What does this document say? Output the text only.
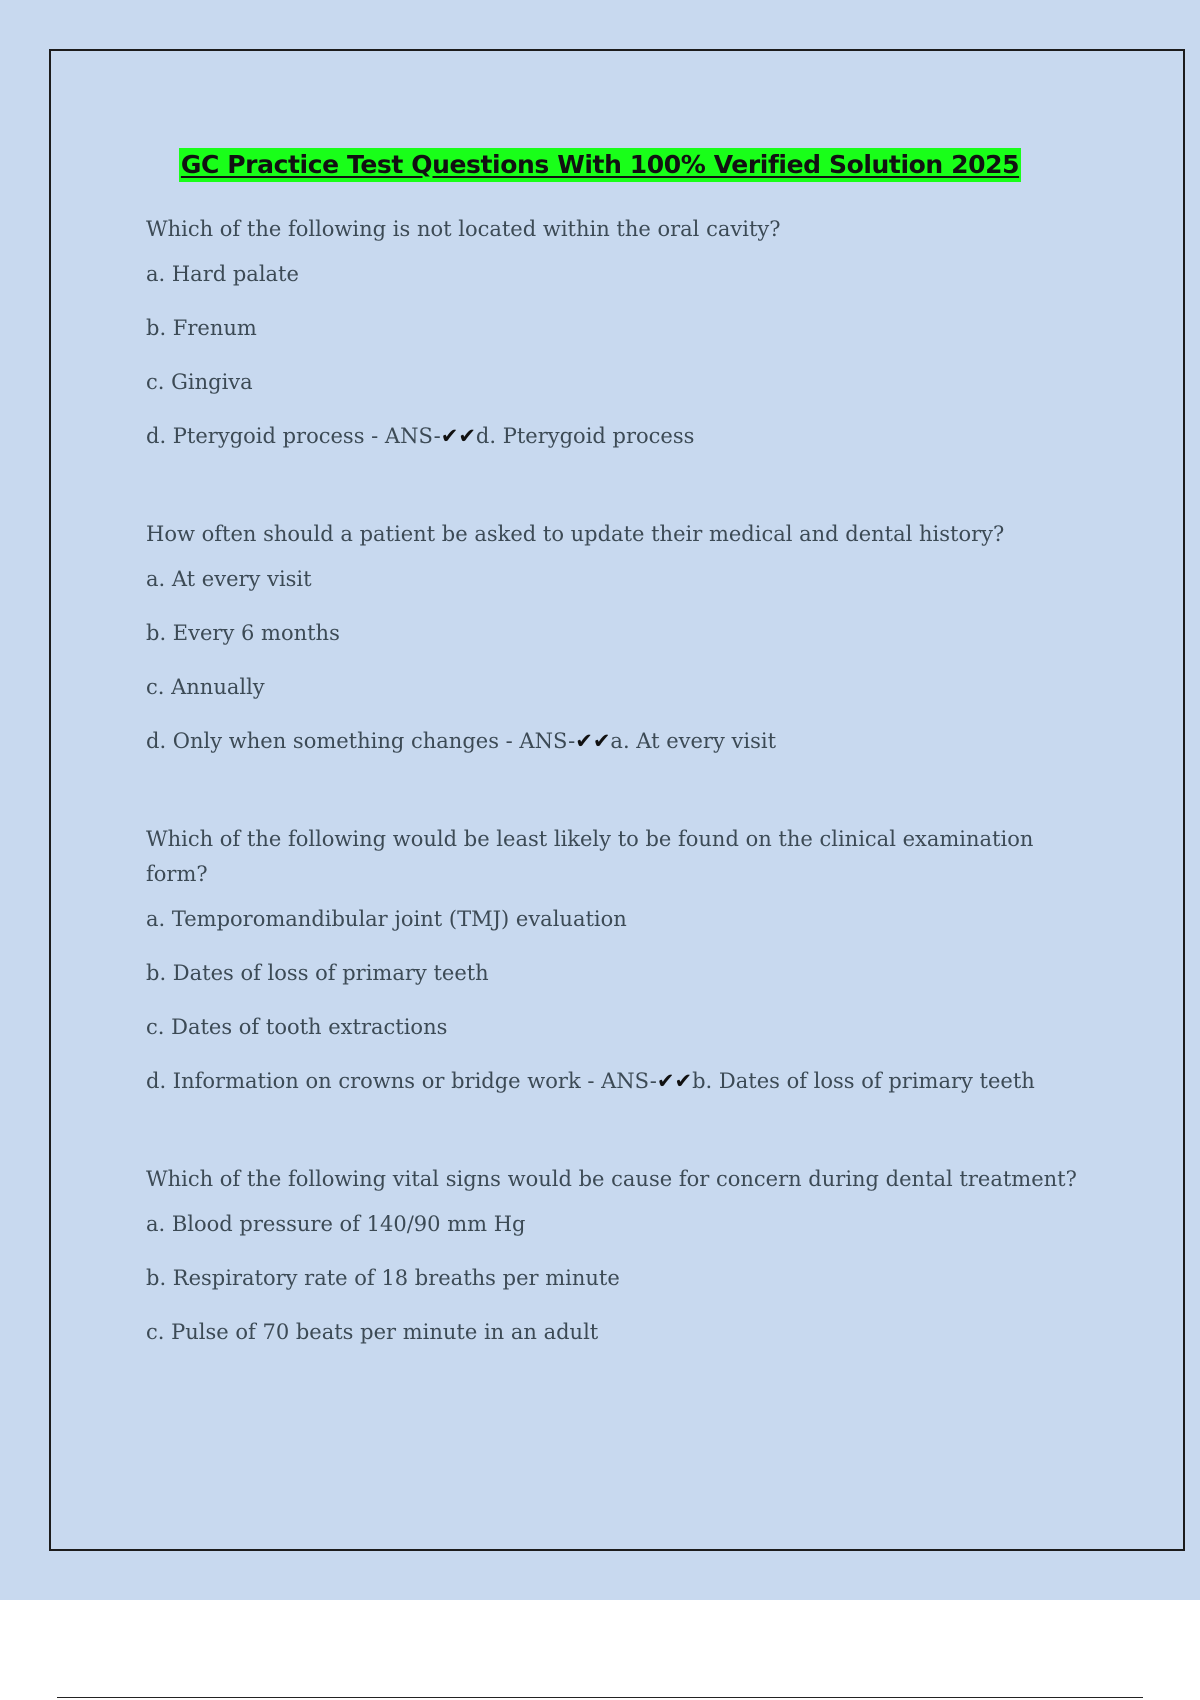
GC Practice Test Questions With 100% Verified Solution 2025

Which of the following is not located within the oral cavity?

a. Hard palate

b. Frenum

c. Gingiva

d. Pterygoid process - ANS-✔✔d. Pterygoid process

How often should a patient be asked to update their medical and dental history?

a. At every visit

b. Every 6 months

c. Annually

d. Only when something changes - ANS-✔✔a. At every visit

Which of the following would be least likely to be found on the clinical examination form?

a. Temporomandibular joint (TMJ) evaluation

b. Dates of loss of primary teeth

c. Dates of tooth extractions

d. Information on crowns or bridge work - ANS-✔✔b. Dates of loss of primary teeth

Which of the following vital signs would be cause for concern during dental treatment?

a. Blood pressure of 140/90 mm Hg

b. Respiratory rate of 18 breaths per minute

c. Pulse of 70 beats per minute in an adult
